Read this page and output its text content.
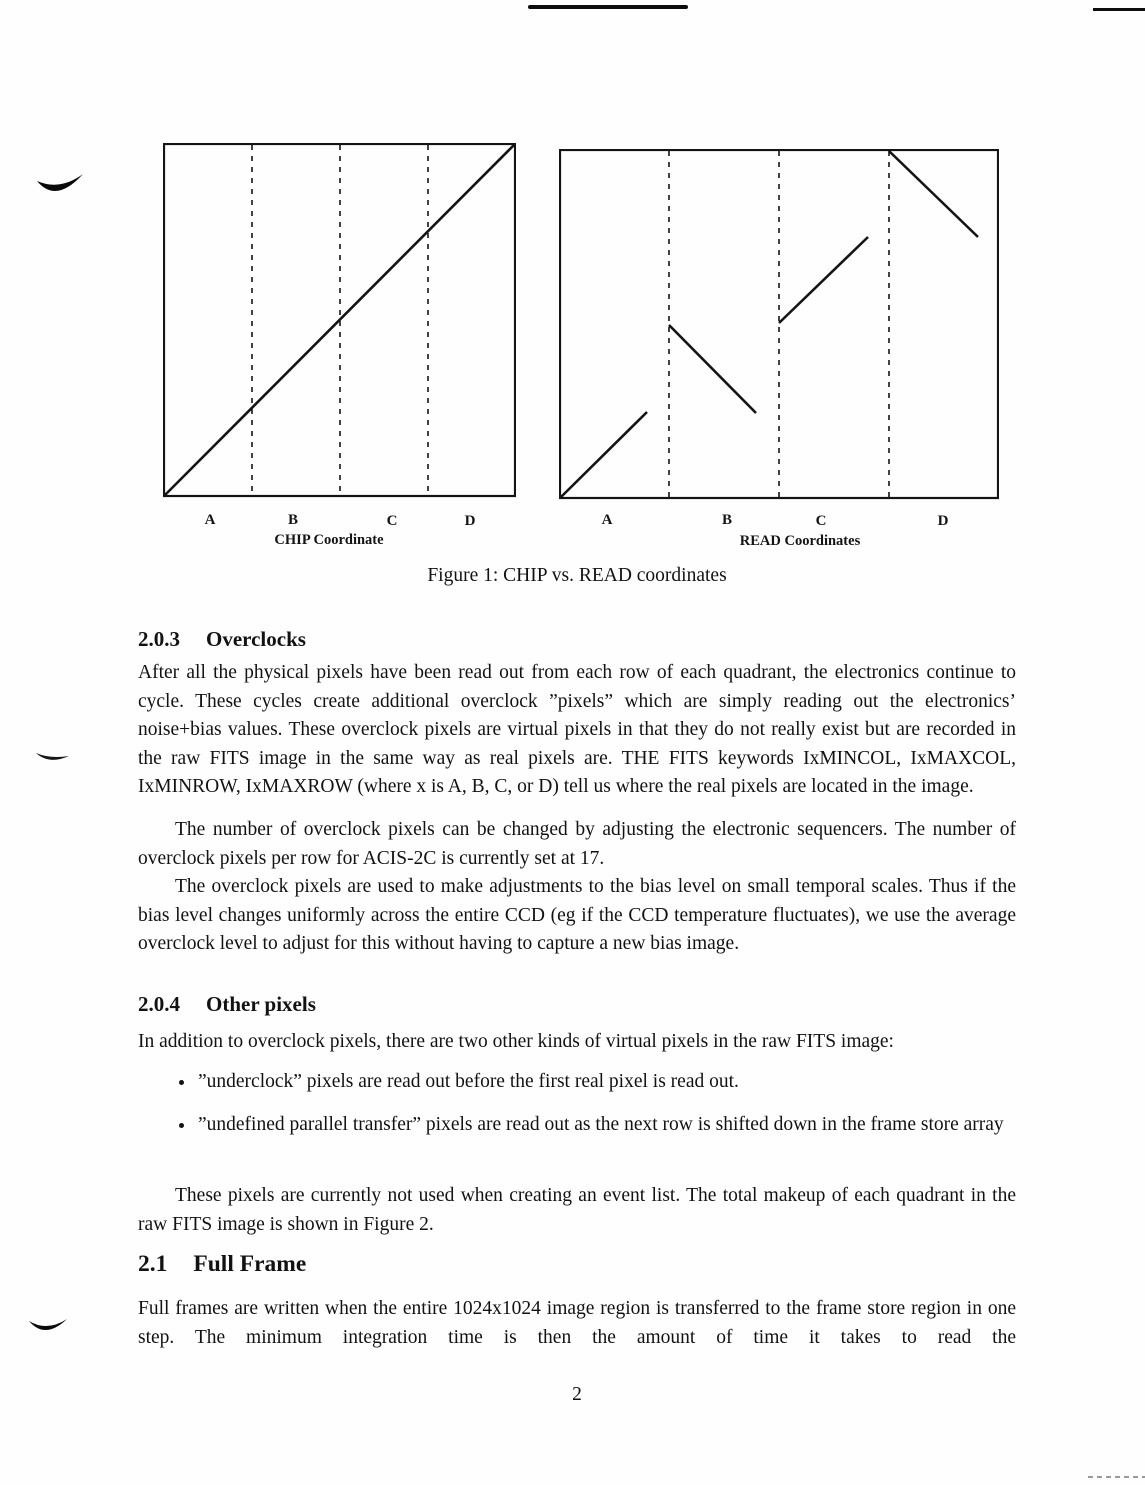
A	B	C	D
CHIP Coordinate
A	B	C	D
READ Coordinates
Figure 1: CHIP vs. READ coordinates
2.0.3 Overclocks
After all the physical pixels have been read out from each row of each quadrant, the electronics continue to cycle. These cycles create additional overclock ”pixels” which are simply reading out the electronics’ noise+bias values. These overclock pixels are virtual pixels in that they do not really exist but are recorded in the raw FITS image in the same way as real pixels are. THE FITS keywords IxMINCOL, IxMAXCOL, IxMINROW, IxMAXROW (where x is A, B, C, or D) tell us where the real pixels are located in the image.
The number of overclock pixels can be changed by adjusting the electronic sequencers. The number of overclock pixels per row for ACIS-2C is currently set at 17.
The overclock pixels are used to make adjustments to the bias level on small temporal scales. Thus if the bias level changes uniformly across the entire CCD (eg if the CCD temperature fluctuates), we use the average overclock level to adjust for this without having to capture a new bias image.
2.0.4 Other pixels
In addition to overclock pixels, there are two other kinds of virtual pixels in the raw FITS image:
• ”underclock” pixels are read out before the first real pixel is read out.
• ”undefined parallel transfer” pixels are read out as the next row is shifted down in the frame store array
These pixels are currently not used when creating an event list. The total makeup of each quadrant in the raw FITS image is shown in Figure 2.
2.1 Full Frame
Full frames are written when the entire 1024x1024 image region is transferred to the frame store region in one step. The minimum integration time is then the amount of time it takes to read the
2
